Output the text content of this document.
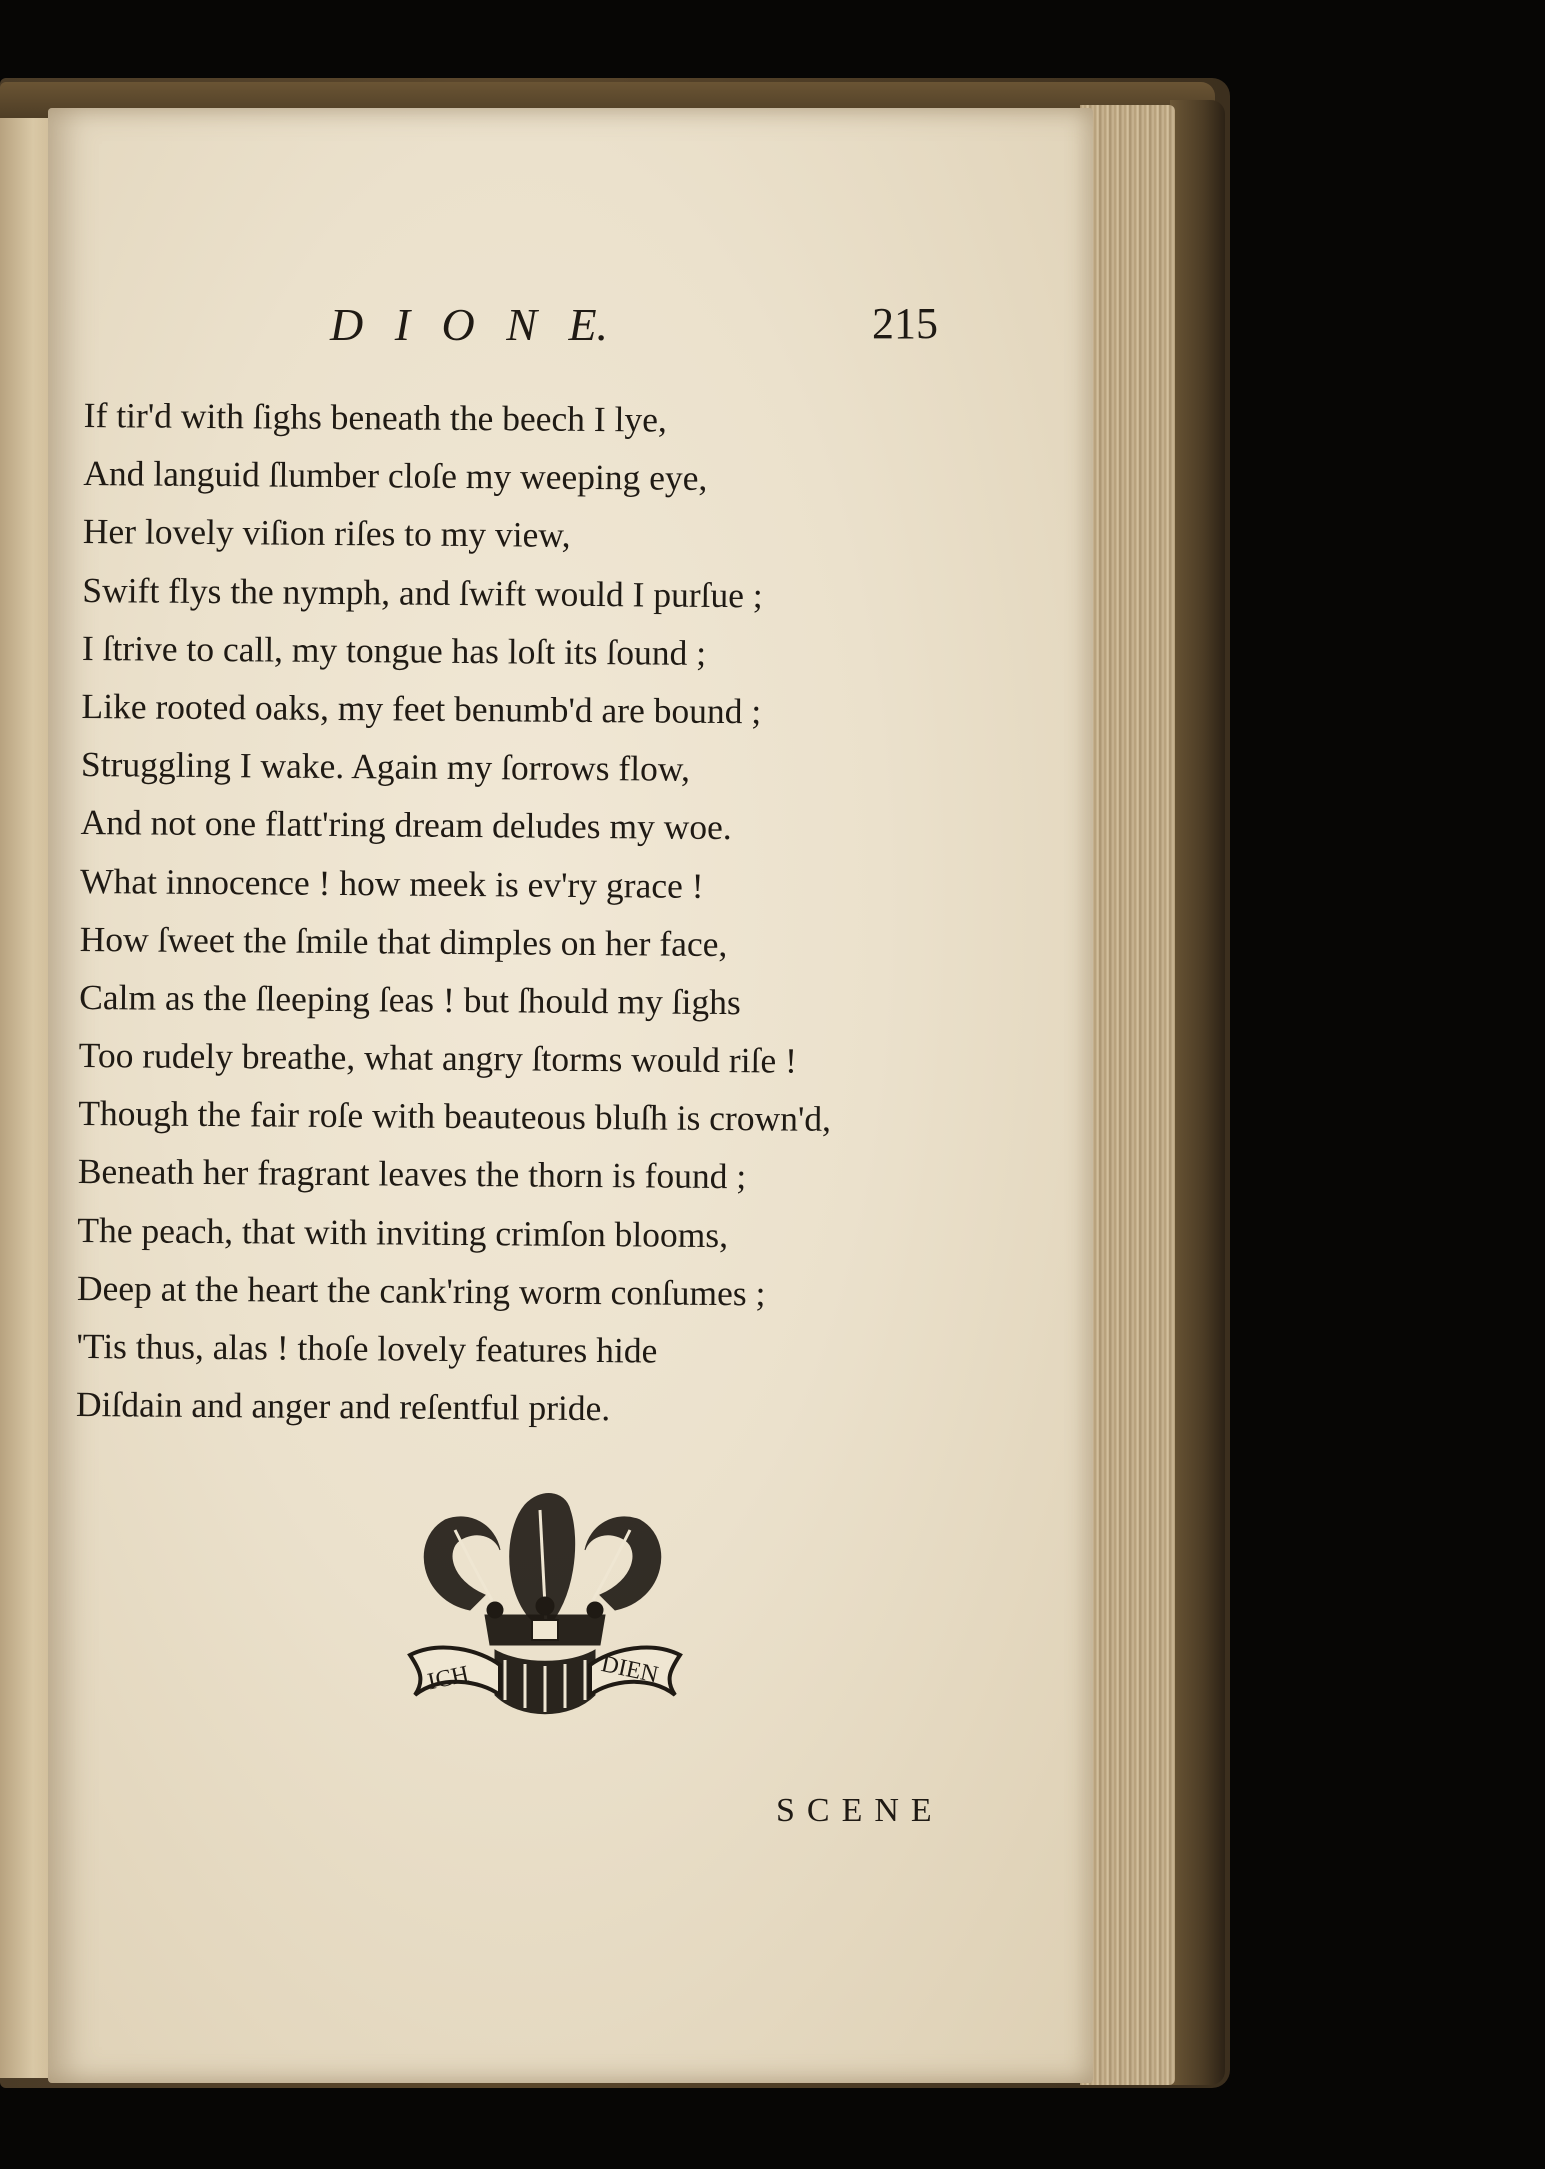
D I O N E.	215
If tir'd with ſighs beneath the beech I lye,
And languid ſlumber cloſe my weeping eye,
Her lovely viſion riſes to my view,
Swift flys the nymph, and ſwift would I purſue ;
I ſtrive to call, my tongue has loſt its ſound ;
Like rooted oaks, my feet benumb'd are bound ;
Struggling I wake. Again my ſorrows flow,
And not one flatt'ring dream deludes my woe.
What innocence ! how meek is ev'ry grace !
How ſweet the ſmile that dimples on her face,
Calm as the ſleeping ſeas ! but ſhould my ſighs
Too rudely breathe, what angry ſtorms would riſe !
Though the fair roſe with beauteous bluſh is crown'd,
Beneath her fragrant leaves the thorn is found ;
The peach, that with inviting crimſon blooms,
Deep at the heart the cank'ring worm conſumes ;
'Tis thus, alas ! thoſe lovely features hide
Diſdain and anger and reſentful pride.
ICH	DIEN
SCENE
